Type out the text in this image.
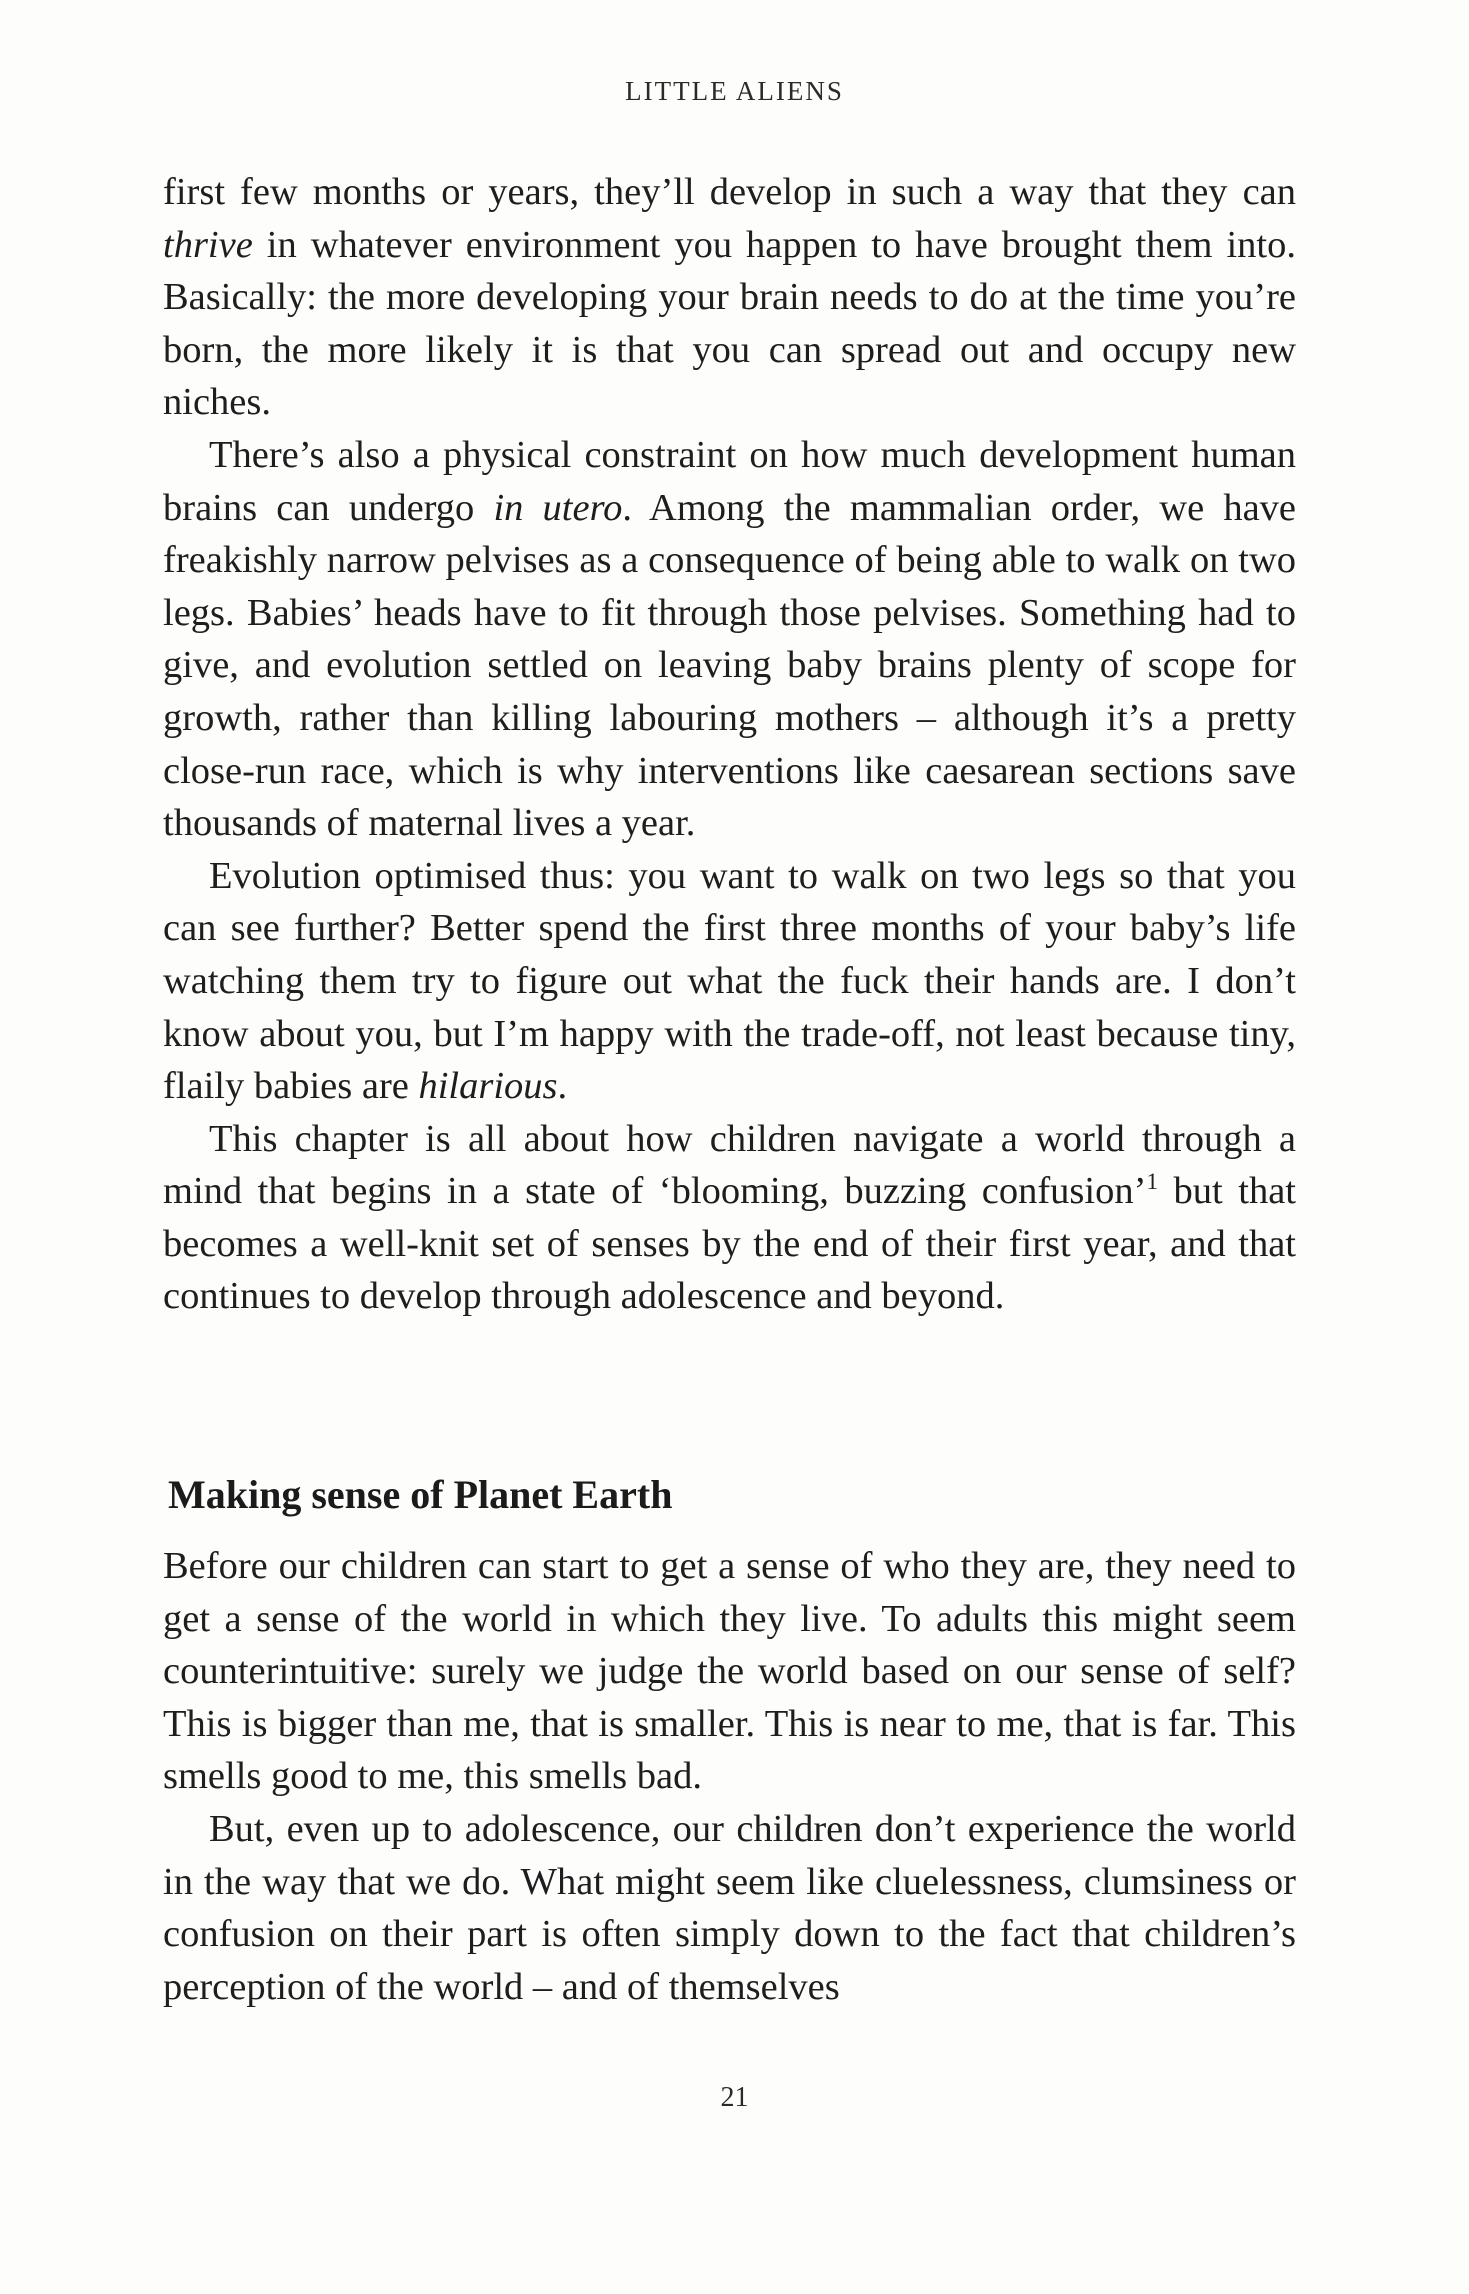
LITTLE ALIENS

first few months or years, they’ll develop in such a way that they can thrive in whatever environment you happen to have brought them into. Basically: the more developing your brain needs to do at the time you’re born, the more likely it is that you can spread out and occupy new niches.

There’s also a physical constraint on how much development human brains can undergo in utero. Among the mammalian order, we have freakishly narrow pelvises as a consequence of being able to walk on two legs. Babies’ heads have to fit through those pelvises. Something had to give, and evolution settled on leaving baby brains plenty of scope for growth, rather than killing labouring mothers – although it’s a pretty close-run race, which is why interventions like caesarean sections save thousands of maternal lives a year.

Evolution optimised thus: you want to walk on two legs so that you can see further? Better spend the first three months of your baby’s life watching them try to figure out what the fuck their hands are. I don’t know about you, but I’m happy with the trade-off, not least because tiny, flaily babies are hilarious.

This chapter is all about how children navigate a world through a mind that begins in a state of ‘blooming, buzzing confusion’$^1$ but that becomes a well-knit set of senses by the end of their first year, and that continues to develop through adolescence and beyond.

Making sense of Planet Earth

Before our children can start to get a sense of who they are, they need to get a sense of the world in which they live. To adults this might seem counterintuitive: surely we judge the world based on our sense of self? This is bigger than me, that is smaller. This is near to me, that is far. This smells good to me, this smells bad.

But, even up to adolescence, our children don’t experience the world in the way that we do. What might seem like cluelessness, clumsiness or confusion on their part is often simply down to the fact that children’s perception of the world – and of themselves

21
